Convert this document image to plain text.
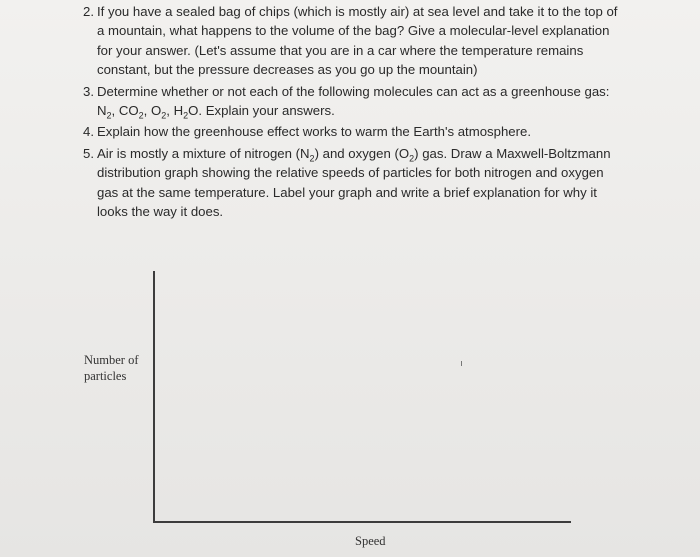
2. If you have a sealed bag of chips (which is mostly air) at sea level and take it to the top of a mountain, what happens to the volume of the bag? Give a molecular-level explanation for your answer. (Let's assume that you are in a car where the temperature remains constant, but the pressure decreases as you go up the mountain)
3. Determine whether or not each of the following molecules can act as a greenhouse gas: $N_2$, $CO_2$, $O_2$, $H_2O$. Explain your answers.
4. Explain how the greenhouse effect works to warm the Earth's atmosphere.
5. Air is mostly a mixture of nitrogen $(N_2)$ and oxygen $(O_2)$ gas. Draw a Maxwell-Boltzmann distribution graph showing the relative speeds of particles for both nitrogen and oxygen gas at the same temperature. Label your graph and write a brief explanation for why it looks the way it does.
Number of particles
Speed
